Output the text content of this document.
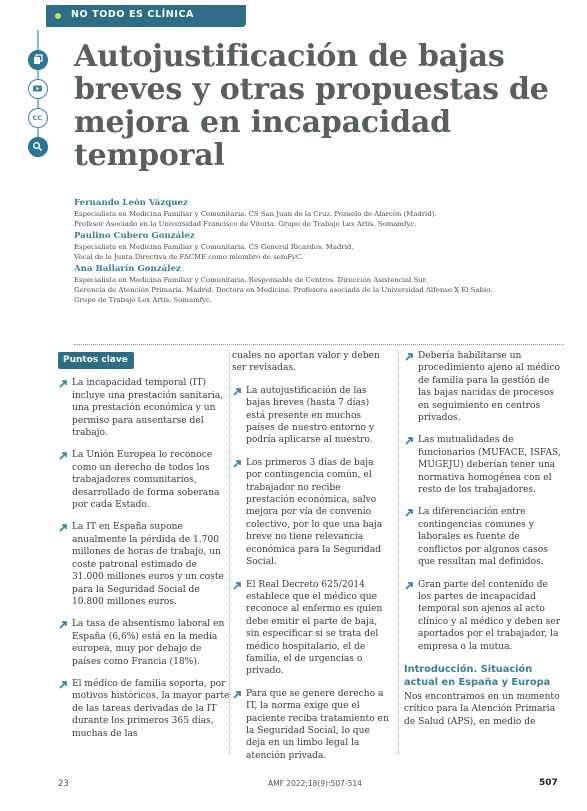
NO TODO ES CLÍNICA
CC
Autojustificación de bajas breves y otras propuestas de mejora en incapacidad temporal
Fernando León Vázquez
Especialista en Medicina Familiar y Comunitaria. CS San Juan de la Cruz. Pozuelo de Alarcón (Madrid).
Profesor Asociado en la Universidad Francisco de Vitoria. Grupo de Trabajo Lex Artis. Somamfyc.
Paulino Cubero González
Especialista en Medicina Familiar y Comunitaria. CS General Ricardos. Madrid.
Vocal de la Junta Directiva de FACME como miembro de semFyC.
Ana Ballarín González
Especialista en Medicina Familiar y Comunitaria. Responsable de Centros. Dirección Asistencial Sur.
Gerencia de Atención Primaria. Madrid. Doctora en Medicina. Profesora asociada de la Universidad Alfonso X El Sabio.
Grupo de Trabajo Lex Artis. Somamfyc.
Puntos clave
La incapacidad temporal (IT) incluye una prestación sanitaria, una prestación económica y un permiso para ausentarse del trabajo.
La Unión Europea lo reconoce como un derecho de todos los trabajadores comunitarios, desarrollado de forma soberana por cada Estado.
La IT en España supone anualmente la pérdida de 1.700 millones de horas de trabajo, un coste patronal estimado de 31.000 millones euros y un coste para la Seguridad Social de 10.800 millones euros.
La tasa de absentismo laboral en España (6,6%) está en la media europea, muy por debajo de países como Francia (18%).
El médico de familia soporta, por motivos históricos, la mayor parte de las tareas derivadas de la IT durante los primeros 365 días, muchas de las
cuales no aportan valor y deben ser revisadas.
La autojustificación de las bajas breves (hasta 7 días) está presente en muchos países de nuestro entorno y podría aplicarse al nuestro.
Los primeros 3 días de baja por contingencia común, el trabajador no recibe prestación económica, salvo mejora por vía de convenio colectivo, por lo que una baja breve no tiene relevancia económica para la Seguridad Social.
El Real Decreto 625/2014 establece que el médico que reconoce al enfermo es quien debe emitir el parte de baja, sin especificar si se trata del médico hospitalario, el de familia, el de urgencias o privado.
Para que se genere derecho a IT, la norma exige que el paciente reciba tratamiento en la Seguridad Social, lo que deja en un limbo legal la atención privada.
Debería habilitarse un procedimiento ajeno al médico de familia para la gestión de las bajas nacidas de procesos en seguimiento en centros privados.
Las mutualidades de funcionarios (MUFACE, ISFAS, MUGEJU) deberían tener una normativa homogénea con el resto de los trabajadores.
La diferenciación entre contingencias comunes y laborales es fuente de conflictos por algunos casos que resultan mal definidos.
Gran parte del contenido de los partes de incapacidad temporal son ajenos al acto clínico y al médico y deben ser aportados por el trabajador, la empresa o la mutua.
Introducción. Situación actual en España y Europa

Nos encontramos en un momento crítico para la Atención Primaria de Salud (APS), en medio de

23	AMF 2022;18(9):507-514	507
